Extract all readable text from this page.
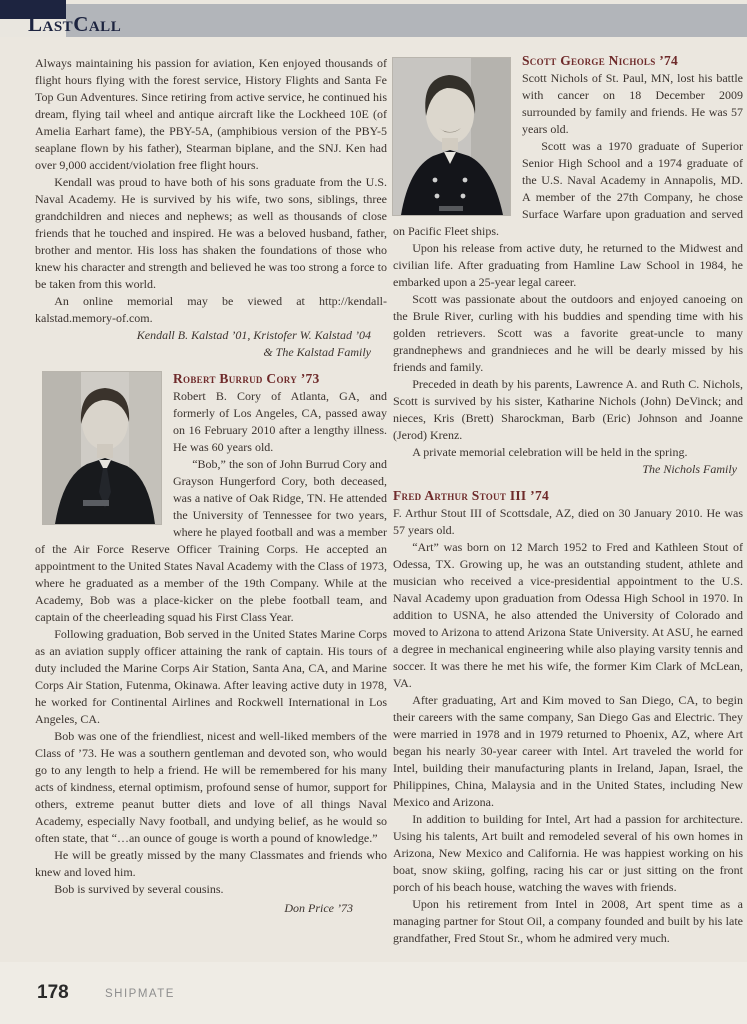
LastCall

Always maintaining his passion for aviation, Ken enjoyed thousands of flight hours flying with the forest service, History Flights and Santa Fe Top Gun Adventures. Since retiring from active service, he continued his dream, flying tail wheel and antique aircraft like the Lockheed 10E (of Amelia Earhart fame), the PBY-5A, (amphibious version of the PBY-5 seaplane flown by his father), Stearman biplane, and the SNJ. Ken had over 9,000 accident/violation free flight hours.

Kendall was proud to have both of his sons graduate from the U.S. Naval Academy. He is survived by his wife, two sons, siblings, three grandchildren and nieces and nephews; as well as thousands of close friends that he touched and inspired. He was a beloved husband, father, brother and mentor. His loss has shaken the foundations of those who knew his character and strength and believed he was too strong a force to be taken from this world.

An online memorial may be viewed at http://kendall-kalstad.memory-of.com.

Kendall B. Kalstad ’01, Kristofer W. Kalstad ’04
& The Kalstad Family
Robert Burrud Cory ’73

Robert B. Cory of Atlanta, GA, and formerly of Los Angeles, CA, passed away on 16 February 2010 after a lengthy illness. He was 60 years old.

“Bob,” the son of John Burrud Cory and Grayson Hungerford Cory, both deceased, was a native of Oak Ridge, TN. He attended the University of Tennessee for two years, where he played football and was a member of the Air Force Reserve Officer Training Corps. He accepted an appointment to the United States Naval Academy with the Class of 1973, where he graduated as a member of the 19th Company. While at the Academy, Bob was a place-kicker on the plebe football team, and captain of the cheerleading squad his First Class Year.

Following graduation, Bob served in the United States Marine Corps as an aviation supply officer attaining the rank of captain. His tours of duty included the Marine Corps Air Station, Santa Ana, CA, and Marine Corps Air Station, Futenma, Okinawa. After leaving active duty in 1978, he worked for Continental Airlines and Rockwell International in Los Angeles, CA.

Bob was one of the friendliest, nicest and well-liked members of the Class of ’73. He was a southern gentleman and devoted son, who would go to any length to help a friend. He will be remembered for his many acts of kindness, eternal optimism, profound sense of humor, support for others, extreme peanut butter diets and love of all things Naval Academy, especially Navy football, and undying belief, as he would so often state, that “…an ounce of gouge is worth a pound of knowledge.”

He will be greatly missed by the many Classmates and friends who knew and loved him.

Bob is survived by several cousins.

Don Price ’73
Scott George Nichols ’74

Scott Nichols of St. Paul, MN, lost his battle with cancer on 18 December 2009 surrounded by family and friends. He was 57 years old.

Scott was a 1970 graduate of Superior Senior High School and a 1974 graduate of the U.S. Naval Academy in Annapolis, MD. A member of the 27th Company, he chose Surface Warfare upon graduation and served on Pacific Fleet ships.

Upon his release from active duty, he returned to the Midwest and civilian life. After graduating from Hamline Law School in 1984, he embarked upon a 25-year legal career.

Scott was passionate about the outdoors and enjoyed canoeing on the Brule River, curling with his buddies and spending time with his golden retrievers. Scott was a favorite great-uncle to many grandnephews and grandnieces and he will be dearly missed by his friends and family.

Preceded in death by his parents, Lawrence A. and Ruth C. Nichols, Scott is survived by his sister, Katharine Nichols (John) DeVinck; and nieces, Kris (Brett) Sharockman, Barb (Eric) Johnson and Joanne (Jerod) Krenz.

A private memorial celebration will be held in the spring.

The Nichols Family
Fred Arthur Stout III ’74

F. Arthur Stout III of Scottsdale, AZ, died on 30 January 2010. He was 57 years old.

“Art” was born on 12 March 1952 to Fred and Kathleen Stout of Odessa, TX. Growing up, he was an outstanding student, athlete and musician who received a vice-presidential appointment to the U.S. Naval Academy upon graduation from Odessa High School in 1970. In addition to USNA, he also attended the University of Colorado and moved to Arizona to attend Arizona State University. At ASU, he earned a degree in mechanical engineering while also playing varsity tennis and soccer. It was there he met his wife, the former Kim Clark of McLean, VA.

After graduating, Art and Kim moved to San Diego, CA, to begin their careers with the same company, San Diego Gas and Electric. They were married in 1978 and in 1979 returned to Phoenix, AZ, where Art began his nearly 30-year career with Intel. Art traveled the world for Intel, building their manufacturing plants in Ireland, Japan, Israel, the Philippines, China, Malaysia and in the United States, including New Mexico and Arizona.

In addition to building for Intel, Art had a passion for architecture. Using his talents, Art built and remodeled several of his own homes in Arizona, New Mexico and California. He was happiest working on his boat, snow skiing, golfing, racing his car or just sitting on the front porch of his beach house, watching the waves with friends.

Upon his retirement from Intel in 2008, Art spent time as a managing partner for Stout Oil, a company founded and built by his late grandfather, Fred Stout Sr., whom he admired very much.

178	SHIPMATE
